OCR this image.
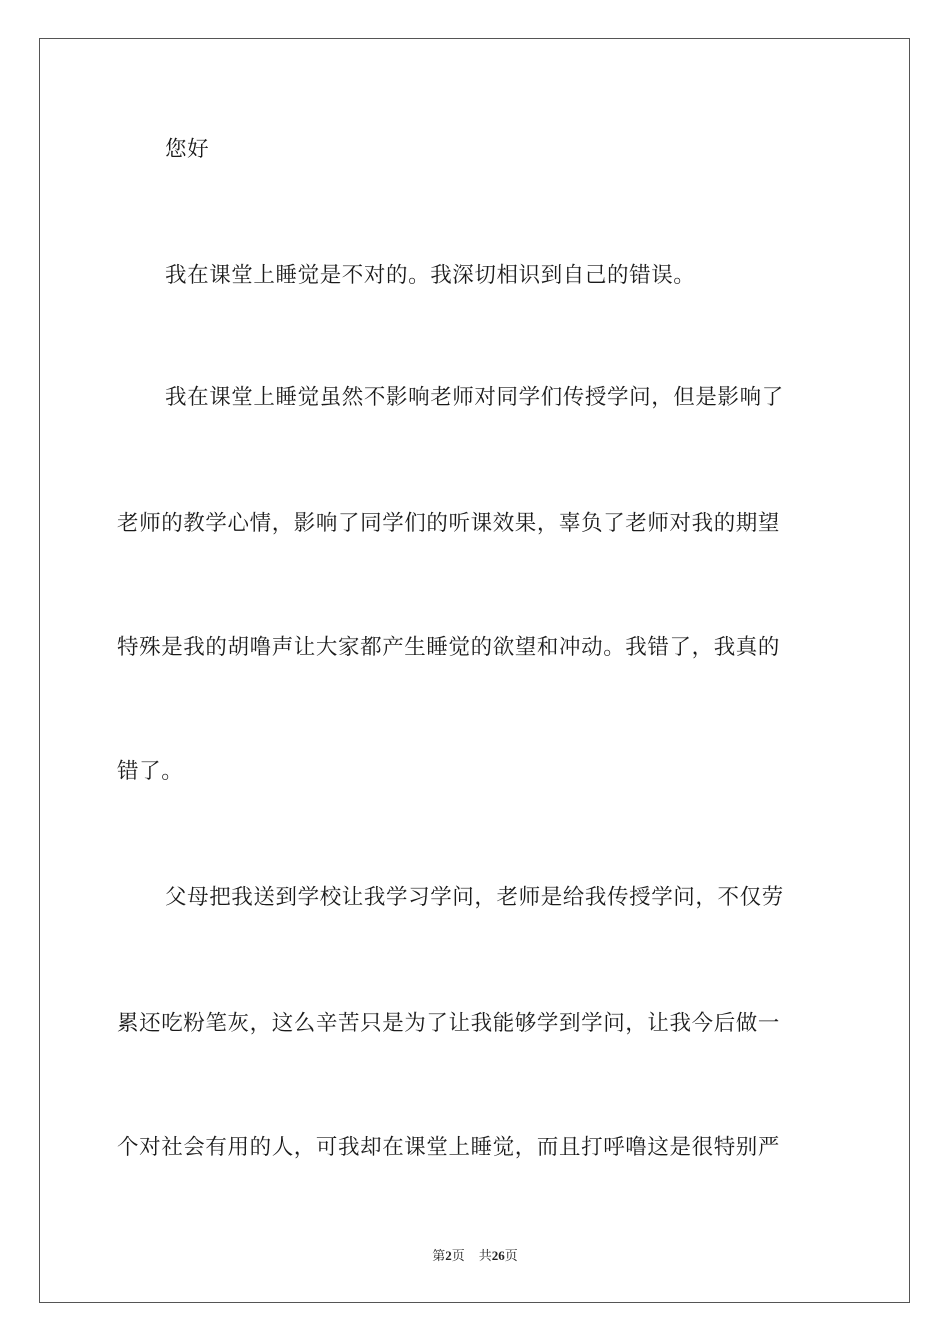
您好
我在课堂上睡觉是不对的。我深切相识到自己的错误。
我在课堂上睡觉虽然不影响老师对同学们传授学问，但是影响了
老师的教学心情，影响了同学们的听课效果，辜负了老师对我的期望
特殊是我的胡噜声让大家都产生睡觉的欲望和冲动。我错了，我真的
错了。
父母把我送到学校让我学习学问，老师是给我传授学问，不仅劳
累还吃粉笔灰，这么辛苦只是为了让我能够学到学问，让我今后做一
个对社会有用的人，可我却在课堂上睡觉，而且打呼噜这是很特别严
第2页 共26页
